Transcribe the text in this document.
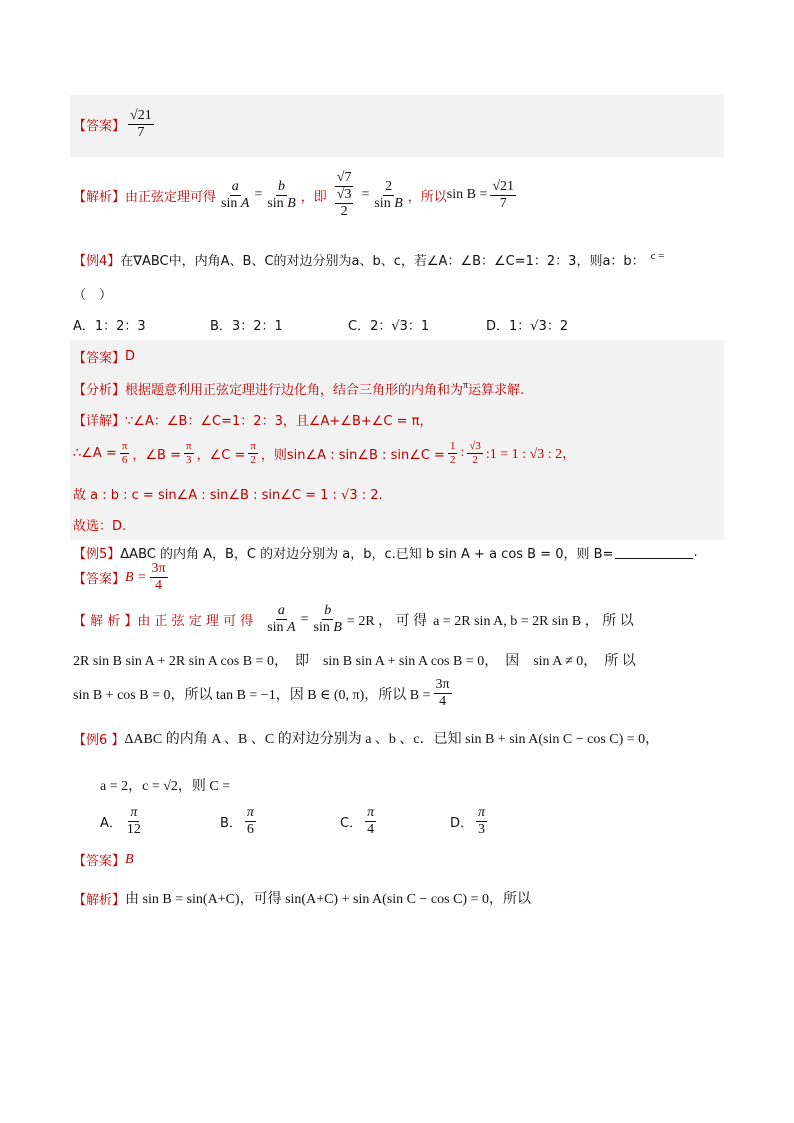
【答案】 $\frac{√21}{7}$
【解析】 由正弦定理可得 $\frac{a}{\text{sin A}} = \frac{b}{\text{sin B}}$ ，即 $\frac{√7}{\frac{√3}{2}} = \frac{2}{\text{sin B}}$ ，所以 $\sin B = \frac{√21}{7}$
【例4】 在∇ABC中，内角A、B、C的对边分别为a、b、c，若∠A：∠B：∠C=1：2：3，则a：b： c =
（　）
A．1：2：3	B．3：2：1	C．2：√3：1	D．1：√3：2
【答案】 D
【分析】 根据题意利用正弦定理进行边化角，结合三角形的内角和为 π 运算求解.
【详解】 ∵∠A：∠B：∠C=1：2：3，且∠A+∠B+∠C = π，
∴∠A = $\frac{\pi}{6}$ ，∠B = $\frac{\pi}{3}$ ，∠C = $\frac{\pi}{2}$ ，则sin∠A : sin∠B : sin∠C = $\frac{1}{2}$ : $\frac{√3}{2}$ :1 = 1 : √3 : 2，
故 a : b : c = sin∠A : sin∠B : sin∠C = 1 : √3 : 2.
故选：D.
【例5】 ΔABC 的内角 A，B，C 的对边分别为 a，b，c.已知 b sin A + a cos B = 0，则 B=	.
【答案】 $B = \frac{3\pi}{4}$
【 解 析 】 由 正 弦 定 理 可 得 $\frac{a}{\text{sin A}} = \frac{b}{\text{sin B}} = 2R$ ， 可 得 a = 2R sin A, b = 2R sin B ， 所 以
2R sin B sin A + 2R sin A cos B = 0，　即　sin B sin A + sin A cos B = 0，　因　sin A ≠ 0，　所 以
sin B + cos B = 0，所以 tan B = −1，因 B ∈ (0, π)，所以 $B = \frac{3\pi}{4}$
【例6 】 ΔABC 的内角 A 、B 、C 的对边分别为 a 、b 、c．已知 sin B + sin A(sin C − cos C) = 0，
a = 2，c = √2，则 C =
A． $\frac{\pi}{12}$	B． $\frac{\pi}{6}$	C． $\frac{\pi}{4}$	D． $\frac{\pi}{3}$
【答案】 B
【解析】 由 sin B = sin(A+C)，可得 sin(A+C) + sin A(sin C − cos C) = 0，所以
